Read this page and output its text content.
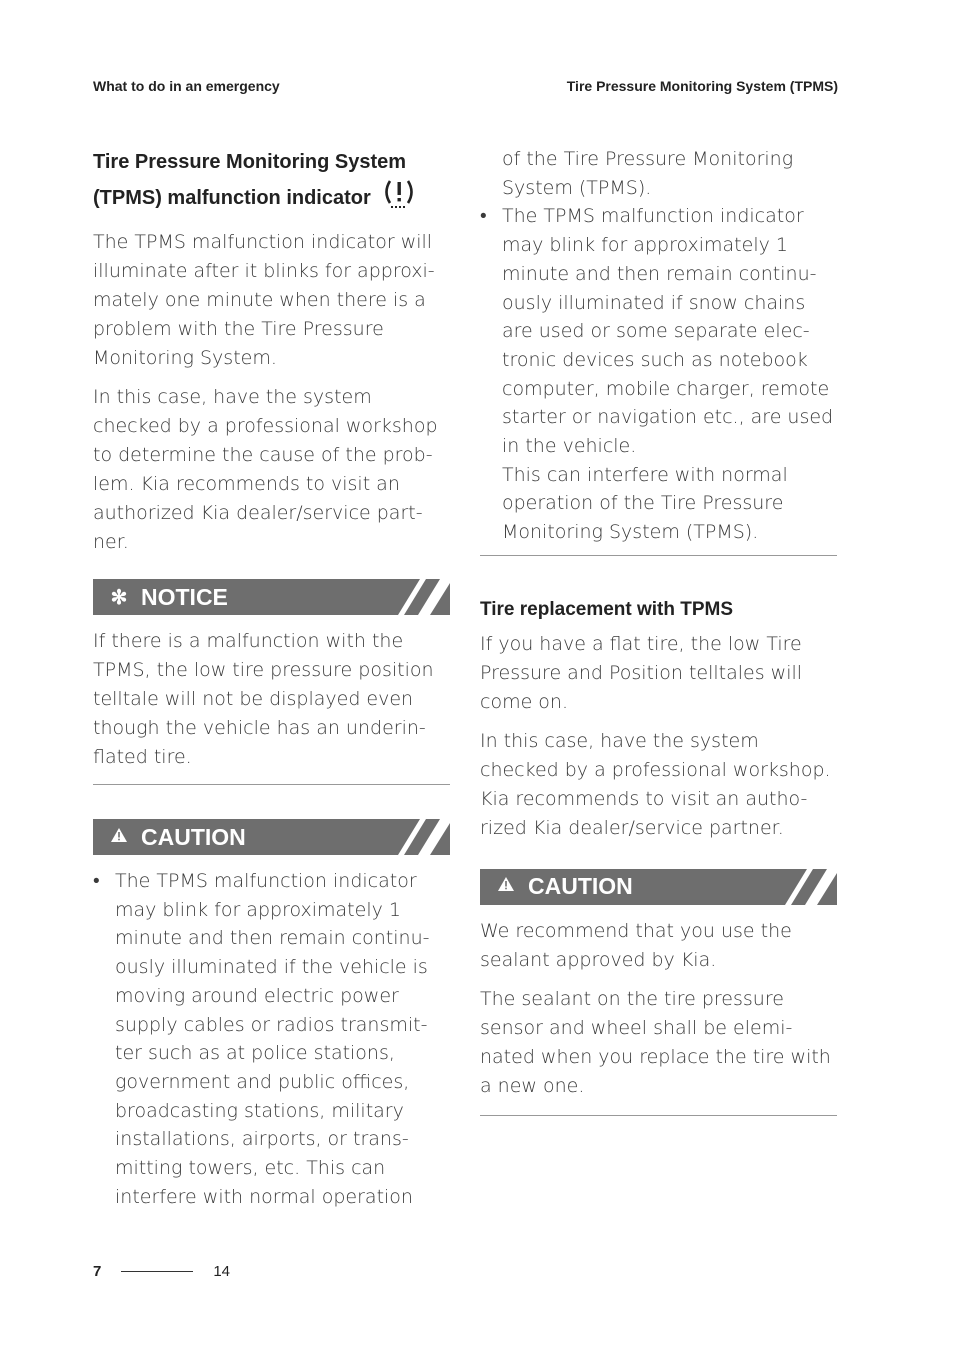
What to do in an emergency	Tire Pressure Monitoring System (TPMS)
Tire Pressure Monitoring System
(TPMS) malfunction indicator

The TPMS malfunction indicator will illuminate after it blinks for approxi-mately one minute when there is a problem with the Tire Pressure Monitoring System.

In this case, have the system checked by a professional workshop to determine the cause of the prob-lem. Kia recommends to visit an authorized Kia dealer/service part-ner.

✻ NOTICE

If there is a malfunction with the TPMS, the low tire pressure position telltale will not be displayed even though the vehicle has an underin-flated tire.

CAUTION
• The TPMS malfunction indicator may blink for approximately 1 minute and then remain continu-ously illuminated if the vehicle is moving around electric power supply cables or radios transmit-ter such as at police stations, government and public offices, broadcasting stations, military installations, airports, or trans-mitting towers, etc. This can interfere with normal operation

of the Tire Pressure Monitoring System (TPMS).

• The TPMS malfunction indicator may blink for approximately 1 minute and then remain continu-ously illuminated if snow chains are used or some separate elec-tronic devices such as notebook computer, mobile charger, remote starter or navigation etc., are used in the vehicle.

This can interfere with normal operation of the Tire Pressure Monitoring System (TPMS).

Tire replacement with TPMS

If you have a flat tire, the low Tire Pressure and Position telltales will come on.

In this case, have the system checked by a professional workshop. Kia recommends to visit an autho-rized Kia dealer/service partner.

CAUTION

We recommend that you use the sealant approved by Kia.

The sealant on the tire pressure sensor and wheel shall be elemi-nated when you replace the tire with a new one.

7	14
